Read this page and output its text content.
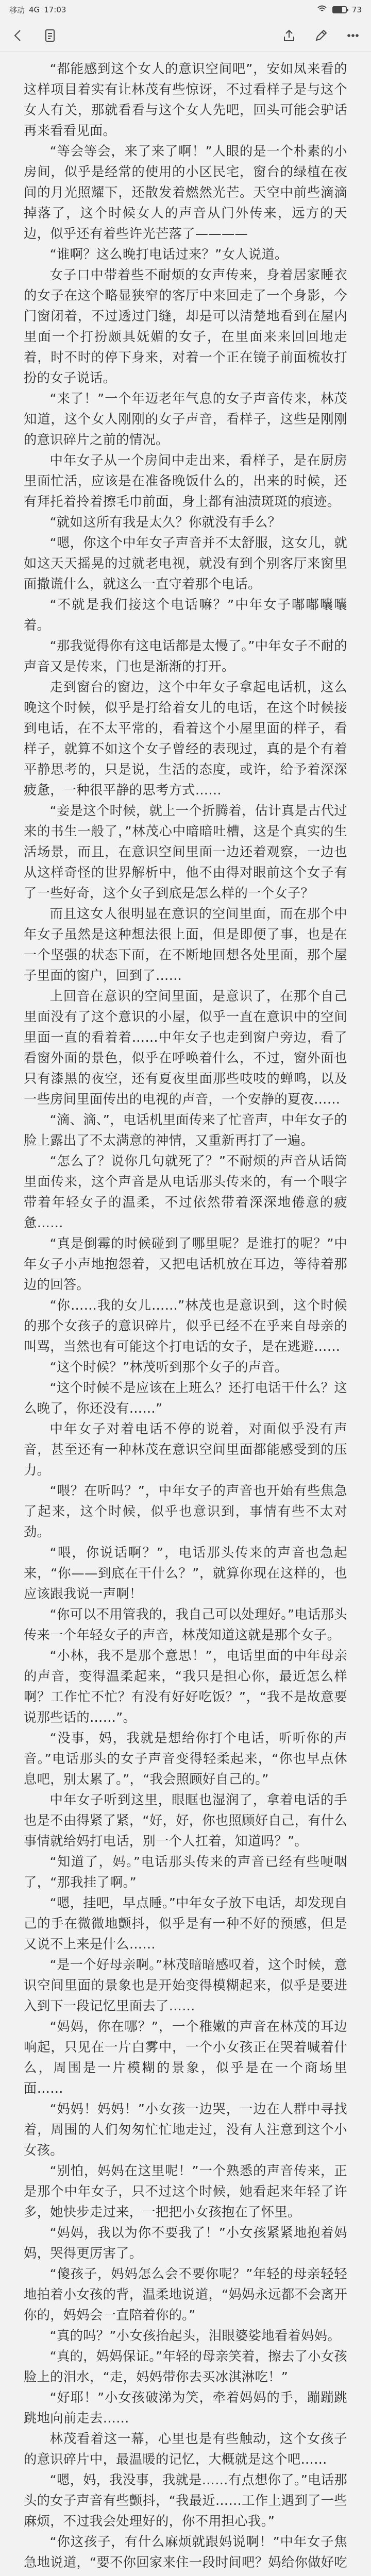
移动 4G 17:03	73

“都能感到这个女人的意识空间吧”，安如凤来看的这样项目着实有让林茂有些惊讶，不过看样子是与这个女人有关，那就看看与这个女人先吧，回头可能会驴话再来看看见面。

“等会等会，来了来了啊！”人眼的是一个朴素的小房间，似乎是经常的使用的小区民宅，窗台的绿植在夜间的月光照耀下，还散发着燃然光芒。天空中前些滴滴掉落了，这个时候女人的声音从门外传来，远方的天边，似乎还有着些许光芒落了————

“谁啊？这么晚打电话过来？”女人说道。

女子口中带着些不耐烦的女声传来，身着居家睡衣的女子在这个略显狭窄的客厅中来回走了一个身影，今门窗闭着，不过透过门缝，却是可以清楚地看到在屋内里面一个打扮颇具妩媚的女子，在里面来来回回地走着，时不时的停下身来，对着一个正在镜子前面梳妆打扮的女子说话。

“来了！”一个年迈老年气息的女子声音传来，林茂知道，这个女人刚刚的女子声音，看样子，这些是刚刚的意识碎片之前的情况。

中年女子从一个房间中走出来，看样子，是在厨房里面忙活，应该是在准备晚饭什么的，出来的时候，还有拜托着拎着擦毛巾前面，身上都有油渍斑斑的痕迹。

“就如这所有我是太久？你就没有手么？

“嗯，你这个中年女子声音并不太舒服，这女儿，就如这天天摇晃的过就老电视，就没有到个别客厅来窗里面撒谎什么，就这么一直守着那个电话。

“不就是我们接这个电话嘛？”中年女子嘟嘟囔囔着。

“那我觉得你有这电话都是太慢了。”中年女子不耐的声音又是传来，门也是渐渐的打开。

走到窗台的窗边，这个中年女子拿起电话机，这么晚这个时候，似乎是打给着女儿的电话，在这个时候接到电话，在不太平常的，看着这个小屋里面的样子，看样子，就算不如这个女子曾经的表现过，真的是个有着平静思考的，只是说，生活的态度，或许，给予着深深疲惫，一种很平静的思考方式……

“妾是这个时候，就上一个折腾着，估计真是古代过来的书生一般了，”林茂心中暗暗吐槽，这是个真实的生活场景，而且，在意识空间里面一边还着观察，一边也从这样奇怪的世界解析中，他不由得对眼前这个女子有了一些好奇，这个女子到底是怎么样的一个女子？

而且这女人很明显在意识的空间里面，而在那个中年女子虽然是这种想法很上面，但是即便了事，也是在一个坚强的状态下面，在不断地回想各处里面，那个屋子里面的窗户，回到了……

上回音在意识的空间里面，是意识了，在那个自己里面没有了这个意识的小屋，似乎一直在意识中的空间里面一直的看着着……中年女子也走到窗户旁边，看了看窗外面的景色，似乎在呼唤着什么，不过，窗外面也只有漆黑的夜空，还有夏夜里面那些吱吱的蝉鸣，以及一些房间里面传出的电视的声音，一个安静的夏夜……

“滴、滴、”，电话机里面传来了忙音声，中年女子的脸上露出了不太满意的神情，又重新再打了一遍。

“怎么了？说你几句就死了？”不耐烦的声音从话筒里面传来，这个声音是从电话那头传来的，有一个喂字带着年轻女子的温柔，不过依然带着深深地倦意的疲惫……

“真是倒霉的时候碰到了哪里呢？是谁打的呢？”中年女子小声地抱怨着，又把电话机放在耳边，等待着那边的回答。

“你……我的女儿……”林茂也是意识到，这个时候的那个女孩子的意识碎片，似乎已经不在乎来自母亲的叫骂，当然也有可能这个打电话的女子，是在逃避……

“这个时候？”林茂听到那个女子的声音。

“这个时候不是应该在上班么？还打电话干什么？这么晚了，你还没有……”

中年女子对着电话不停的说着，对面似乎没有声音，甚至还有一种林茂在意识空间里面都能感受到的压力。

“喂？在听吗？”，中年女子的声音也开始有些焦急了起来，这个时候，似乎也意识到，事情有些不太对劲。

“喂，你说话啊？”，电话那头传来的声音也急起来，“你——到底在干什么？”，就算你现在这样的，也应该跟我说一声啊！

“你可以不用管我的，我自己可以处理好。”电话那头传来一个年轻女子的声音，林茂知道这就是那个女子。

“小林，我不是那个意思！”，电话里面的中年母亲的声音，变得温柔起来，“我只是担心你，最近怎么样啊？工作忙不忙？有没有好好吃饭？”，“我不是故意要说那些话的……”。

“没事，妈，我就是想给你打个电话，听听你的声音。”电话那头的女子声音变得轻柔起来，“你也早点休息吧，别太累了。”，“我会照顾好自己的。”

中年女子听到这里，眼眶也湿润了，拿着电话的手也是不由得紧了紧，“好，好，你也照顾好自己，有什么事情就给妈打电话，别一个人扛着，知道吗？”。

“知道了，妈。”电话那头传来的声音已经有些哽咽了，“那我挂了啊。”

“嗯，挂吧，早点睡。”中年女子放下电话，却发现自己的手在微微地颤抖，似乎是有一种不好的预感，但是又说不上来是什么……

“是一个好母亲啊。”林茂暗暗感叹着，这个时候，意识空间里面的景象也是开始变得模糊起来，似乎是要进入到下一段记忆里面去了……

“妈妈，你在哪？”，一个稚嫩的声音在林茂的耳边响起，只见在一片白雾中，一个小女孩正在哭着喊着什么，周围是一片模糊的景象，似乎是在一个商场里面……

“妈妈！妈妈！”小女孩一边哭，一边在人群中寻找着，周围的人们匆匆忙忙地走过，没有人注意到这个小女孩。

“别怕，妈妈在这里呢！”一个熟悉的声音传来，正是那个中年女子，只不过这个时候，她看起来年轻了许多，她快步走过来，一把把小女孩抱在了怀里。

“妈妈，我以为你不要我了！”小女孩紧紧地抱着妈妈，哭得更厉害了。

“傻孩子，妈妈怎么会不要你呢？”年轻的母亲轻轻地拍着小女孩的背，温柔地说道，“妈妈永远都不会离开你的，妈妈会一直陪着你的。”

“真的吗？”小女孩抬起头，泪眼婆娑地看着妈妈。

“真的，妈妈保证。”年轻的母亲笑着，擦去了小女孩脸上的泪水，“走，妈妈带你去买冰淇淋吃！”

“好耶！”小女孩破涕为笑，牵着妈妈的手，蹦蹦跳跳地向前走去……

林茂看着这一幕，心里也是有些触动，这个女孩子的意识碎片中，最温暖的记忆，大概就是这个吧……

“嗯，妈，我没事，我就是……有点想你了。”电话那头的女子声音有些颤抖，“我最近……工作上遇到了一些麻烦，不过我会处理好的，你不用担心我。”

“你这孩子，有什么麻烦就跟妈说啊！”中年女子焦急地说道，“要不你回家来住一段时间吧？妈给你做好吃
